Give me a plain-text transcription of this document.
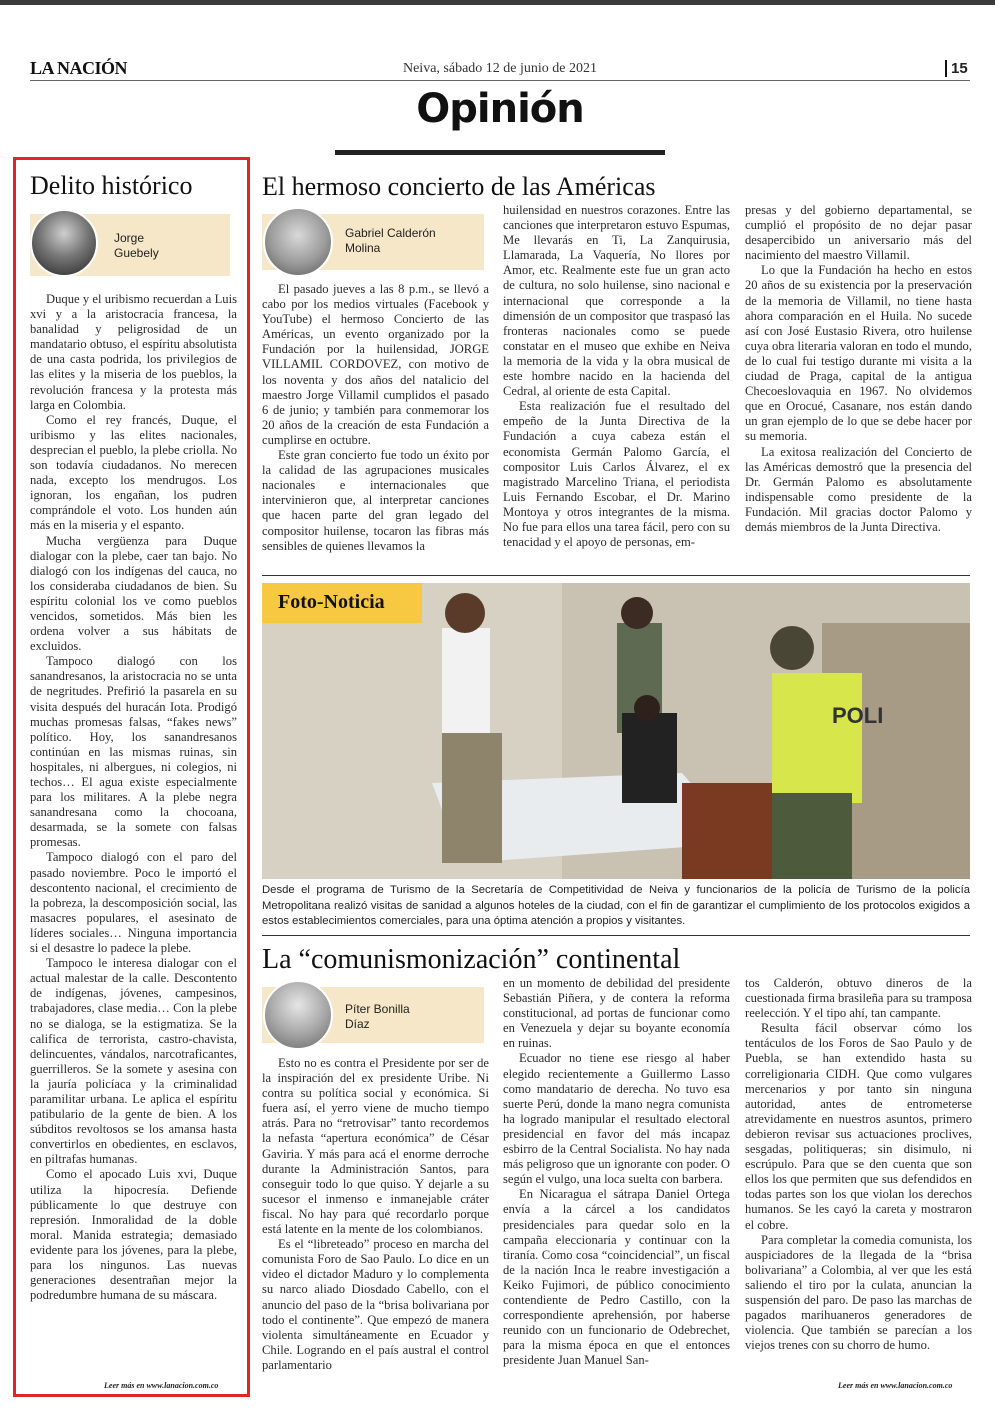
LA NACIÓN	Neiva, sábado 12 de junio de 2021	15
Opinión
Delito histórico
Jorge
Guebely

Duque y el uribismo recuerdan a Luis xvi y a la aristocracia francesa, la banalidad y peligrosidad de un mandatario obtuso, el espíritu absolutista de una casta podrida, los privilegios de las elites y la miseria de los pueblos, la revolución francesa y la protesta más larga en Colombia.

Como el rey francés, Duque, el uribismo y las elites nacionales, desprecian el pueblo, la plebe criolla. No son todavía ciudadanos. No merecen nada, excepto los mendrugos. Los ignoran, los engañan, los pudren comprándole el voto. Los hunden aún más en la miseria y el espanto.

Mucha vergüenza para Duque dialogar con la plebe, caer tan bajo. No dialogó con los indígenas del cauca, no los consideraba ciudadanos de bien. Su espíritu colonial los ve como pueblos vencidos, sometidos. Más bien les ordena volver a sus hábitats de excluidos.

Tampoco dialogó con los sanandresanos, la aristocracia no se unta de negritudes. Prefirió la pasarela en su visita después del huracán Iota. Prodigó muchas promesas falsas, “fakes news” político. Hoy, los sanandresanos continúan en las mismas ruinas, sin hospitales, ni albergues, ni colegios, ni techos… El agua existe especialmente para los militares. A la plebe negra sanandresana como la chocoana, desarmada, se la somete con falsas promesas.

Tampoco dialogó con el paro del pasado noviembre. Poco le importó el descontento nacional, el crecimiento de la pobreza, la descomposición social, las masacres populares, el asesinato de líderes sociales… Ninguna importancia si el desastre lo padece la plebe.

Tampoco le interesa dialogar con el actual malestar de la calle. Descontento de indígenas, jóvenes, campesinos, trabajadores, clase media… Con la plebe no se dialoga, se la estigmatiza. Se la califica de terrorista, castro-chavista, delincuentes, vándalos, narcotraficantes, guerrilleros. Se la somete y asesina con la jauría policíaca y la criminalidad paramilitar urbana. Le aplica el espíritu patibulario de la gente de bien. A los súbditos revoltosos se los amansa hasta convertirlos en obedientes, en esclavos, en piltrafas humanas.

Como el apocado Luis xvi, Duque utiliza la hipocresía. Defiende públicamente lo que destruye con represión. Inmoralidad de la doble moral. Manida estrategia; demasiado evidente para los jóvenes, para la plebe, para los ningunos. Las nuevas generaciones desentrañan mejor la podredumbre humana de su máscara.

Leer más en www.lanacion.com.co
El hermoso concierto de las Américas
Gabriel Calderón
Molina

El pasado jueves a las 8 p.m., se llevó a cabo por los medios virtuales (Facebook y YouTube) el hermoso Concierto de las Américas, un evento organizado por la Fundación por la huilensidad, JORGE VILLAMIL CORDOVEZ, con motivo de los noventa y dos años del natalicio del maestro Jorge Villamil cumplidos el pasado 6 de junio; y también para conmemorar los 20 años de la creación de esta Fundación a cumplirse en octubre.

Este gran concierto fue todo un éxito por la calidad de las agrupaciones musicales nacionales e internacionales que intervinieron que, al interpretar canciones que hacen parte del gran legado del compositor huilense, tocaron las fibras más sensibles de quienes llevamos la

huilensidad en nuestros corazones. Entre las canciones que interpretaron estuvo Espumas, Me llevarás en Ti, La Zanquirusia, Llamarada, La Vaquería, No llores por Amor, etc. Realmente este fue un gran acto de cultura, no solo huilense, sino nacional e internacional que corresponde a la dimensión de un compositor que traspasó las fronteras nacionales como se puede constatar en el museo que exhibe en Neiva la memoria de la vida y la obra musical de este hombre nacido en la hacienda del Cedral, al oriente de esta Capital.

Esta realización fue el resultado del empeño de la Junta Directiva de la Fundación a cuya cabeza están el economista Germán Palomo García, el compositor Luis Carlos Álvarez, el ex magistrado Marcelino Triana, el periodista Luis Fernando Escobar, el Dr. Marino Montoya y otros integrantes de la misma. No fue para ellos una tarea fácil, pero con su tenacidad y el apoyo de personas, em-

presas y del gobierno departamental, se cumplió el propósito de no dejar pasar desapercibido un aniversario más del nacimiento del maestro Villamil.

Lo que la Fundación ha hecho en estos 20 años de su existencia por la preservación de la memoria de Villamil, no tiene hasta ahora comparación en el Huila. No sucede así con José Eustasio Rivera, otro huilense cuya obra literaria valoran en todo el mundo, de lo cual fui testigo durante mi visita a la ciudad de Praga, capital de la antigua Checoeslovaquia en 1967. No olvidemos que en Orocué, Casanare, nos están dando un gran ejemplo de lo que se debe hacer por su memoria.

La exitosa realización del Concierto de las Américas demostró que la presencia del Dr. Germán Palomo es absolutamente indispensable como presidente de la Fundación. Mil gracias doctor Palomo y demás miembros de la Junta Directiva.

POLI
Foto-Noticia
Desde el programa de Turismo de la Secretaría de Competitividad de Neiva y funcionarios de la policía de Turismo de la policía Metropolitana realizó visitas de sanidad a algunos hoteles de la ciudad, con el fin de garantizar el cumplimiento de los protocolos exigidos a estos establecimientos comerciales, para una óptima atención a propios y visitantes.
La “comunismonización” continental
Píter Bonilla
Díaz

Esto no es contra el Presidente por ser de la inspiración del ex presidente Uribe. Ni contra su política social y económica. Si fuera así, el yerro viene de mucho tiempo atrás. Para no “retrovisar” tanto recordemos la nefasta “apertura económica” de César Gaviria. Y más para acá el enorme derroche durante la Administración Santos, para conseguir todo lo que quiso. Y dejarle a su sucesor el inmenso e inmanejable cráter fiscal. No hay para qué recordarlo porque está latente en la mente de los colombianos.

Es el “libreteado” proceso en marcha del comunista Foro de Sao Paulo. Lo dice en un video el dictador Maduro y lo complementa su narco aliado Diosdado Cabello, con el anuncio del paso de la “brisa bolivariana por todo el continente”. Que empezó de manera violenta simultáneamente en Ecuador y Chile. Logrando en el país austral el control parlamentario

en un momento de debilidad del presidente Sebastián Piñera, y de contera la reforma constitucional, ad portas de funcionar como en Venezuela y dejar su boyante economía en ruinas.

Ecuador no tiene ese riesgo al haber elegido recientemente a Guillermo Lasso como mandatario de derecha. No tuvo esa suerte Perú, donde la mano negra comunista ha logrado manipular el resultado electoral presidencial en favor del más incapaz esbirro de la Central Socialista. No hay nada más peligroso que un ignorante con poder. O según el vulgo, una loca suelta con barbera.

En Nicaragua el sátrapa Daniel Ortega envía a la cárcel a los candidatos presidenciales para quedar solo en la campaña eleccionaria y continuar con la tiranía. Como cosa “coincidencial”, un fiscal de la nación Inca le reabre investigación a Keiko Fujimori, de público conocimiento contendiente de Pedro Castillo, con la correspondiente aprehensión, por haberse reunido con un funcionario de Odebrechet, para la misma época en que el entonces presidente Juan Manuel San-

tos Calderón, obtuvo dineros de la cuestionada firma brasileña para su tramposa reelección. Y el tipo ahí, tan campante.

Resulta fácil observar cómo los tentáculos de los Foros de Sao Paulo y de Puebla, se han extendido hasta su correligionaria CIDH. Que como vulgares mercenarios y por tanto sin ninguna autoridad, antes de entrometerse atrevidamente en nuestros asuntos, primero debieron revisar sus actuaciones proclives, sesgadas, politiqueras; sin disimulo, ni escrúpulo. Para que se den cuenta que son ellos los que permiten que sus defendidos en todas partes son los que violan los derechos humanos. Se les cayó la careta y mostraron el cobre.

Para completar la comedia comunista, los auspiciadores de la llegada de la “brisa bolivariana” a Colombia, al ver que les está saliendo el tiro por la culata, anuncian la suspensión del paro. De paso las marchas de pagados marihuaneros generadores de violencia. Que también se parecían a los viejos trenes con su chorro de humo.

Leer más en www.lanacion.com.co
